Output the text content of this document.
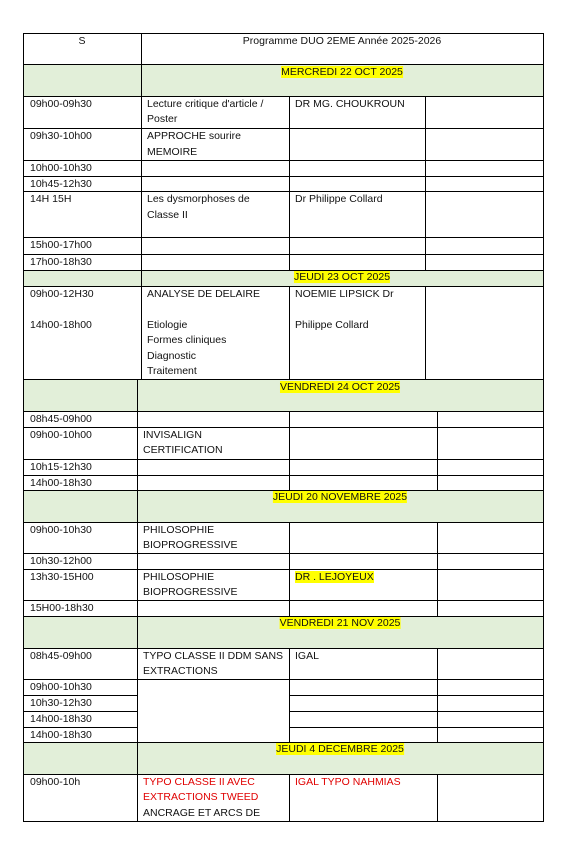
S	Programme DUO 2EME Année 2025-2026
MERCREDI 22 OCT 2025
09h00-09h30
09h30-10h00
10h00-10h30
10h45-12h30
14H 15H
15h00-17h00
17h00-18h30
Lecture critique d'article /
Poster
DR MG. CHOUKROUN
APPROCHE sourire
MEMOIRE
Les dysmorphoses de
Classe II
Dr Philippe Collard
JEUDI 23 OCT 2025
09h00-12H30
14h00-18h00
ANALYSE DE DELAIRE
Etiologie
Formes cliniques
Diagnostic
Traitement
NOEMIE LIPSICK Dr
Philippe Collard
VENDREDI 24 OCT 2025
08h45-09h00
09h00-10h00
10h15-12h30
14h00-18h30
INVISALIGN
CERTIFICATION
JEUDI 20 NOVEMBRE 2025
09h00-10h30
10h30-12h00
13h30-15H00
15H00-18h30
PHILOSOPHIE
BIOPROGRESSIVE
PHILOSOPHIE
BIOPROGRESSIVE
DR . LEJOYEUX
VENDREDI 21 NOV 2025
08h45-09h00
09h00-10h30
10h30-12h30
14h00-18h30
14h00-18h30
TYPO CLASSE II DDM SANS
EXTRACTIONS
IGAL
JEUDI 4 DECEMBRE 2025
09h00-10h	TYPO CLASSE II AVEC
EXTRACTIONS TWEED
ANCRAGE ET ARCS DE
IGAL TYPO NAHMIAS
